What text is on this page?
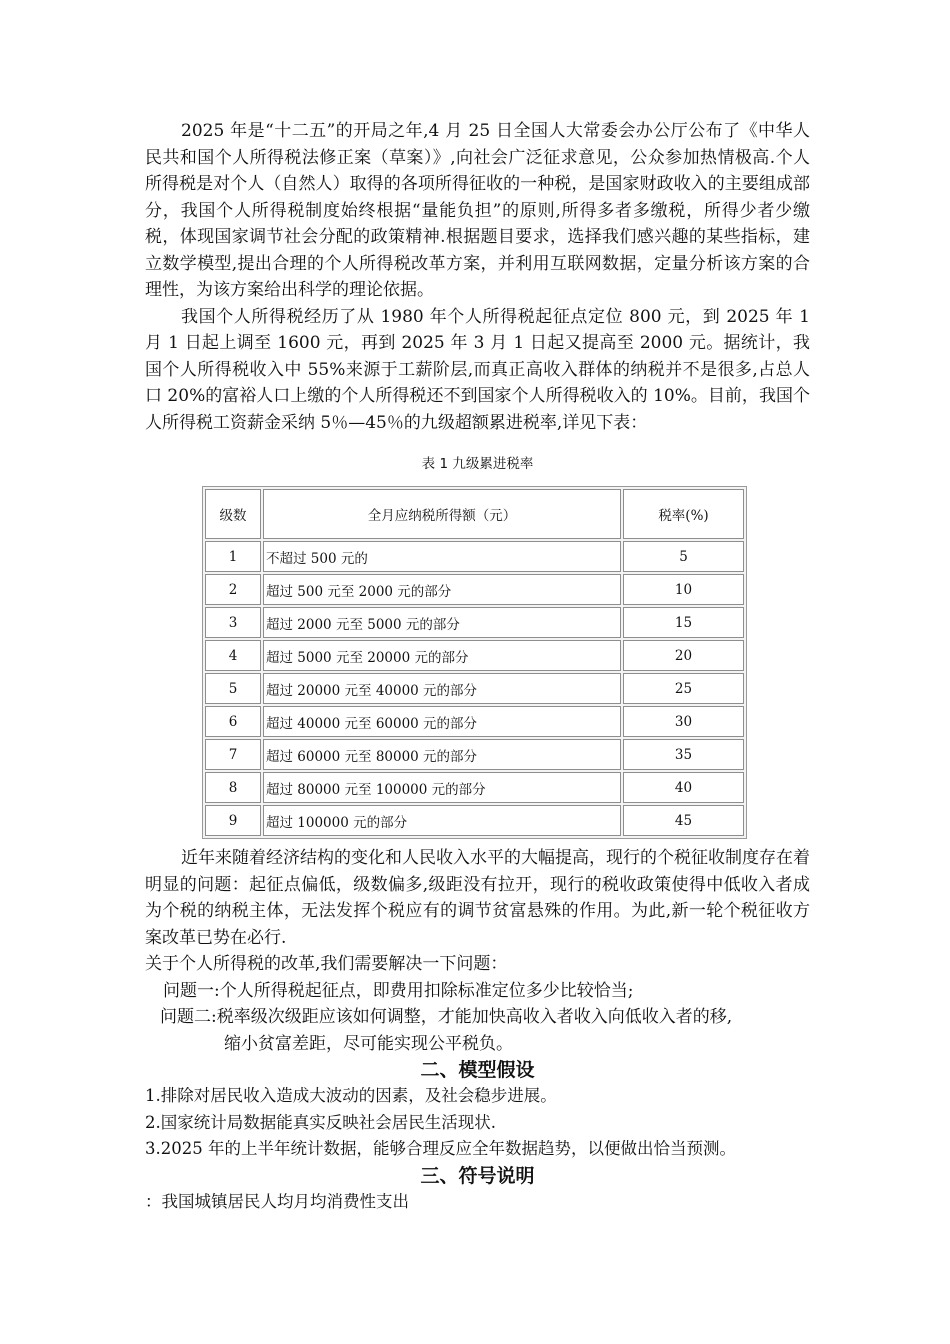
2025 年是“十二五”的开局之年,4 月 25 日全国人大常委会办公厅公布了《中华人民共和国个人所得税法修正案（草案）》,向社会广泛征求意见，公众参加热情极高.个人所得税是对个人（自然人）取得的各项所得征收的一种税，是国家财政收入的主要组成部分，我国个人所得税制度始终根据“量能负担”的原则,所得多者多缴税，所得少者少缴税，体现国家调节社会分配的政策精神.根据题目要求，选择我们感兴趣的某些指标，建立数学模型,提出合理的个人所得税改革方案，并利用互联网数据，定量分析该方案的合理性，为该方案给出科学的理论依据。

我国个人所得税经历了从 1980 年个人所得税起征点定位 800 元，到 2025 年 1 月 1 日起上调至 1600 元，再到 2025 年 3 月 1 日起又提高至 2000 元。据统计，我国个人所得税收入中 55%来源于工薪阶层,而真正高收入群体的纳税并不是很多,占总人口 20%的富裕人口上缴的个人所得税还不到国家个人所得税收入的 10%。目前，我国个人所得税工资薪金采纳 5％—45％的九级超额累进税率,详见下表：

表 1 九级累进税率
级数	全月应纳税所得额（元）	税率(%)
1	不超过 500 元的	5
2	超过 500 元至 2000 元的部分	10
3	超过 2000 元至 5000 元的部分	15
4	超过 5000 元至 20000 元的部分	20
5	超过 20000 元至 40000 元的部分	25
6	超过 40000 元至 60000 元的部分	30
7	超过 60000 元至 80000 元的部分	35
8	超过 80000 元至 100000 元的部分	40
9	超过 100000 元的部分	45

近年来随着经济结构的变化和人民收入水平的大幅提高，现行的个税征收制度存在着明显的问题：起征点偏低，级数偏多,级距没有拉开，现行的税收政策使得中低收入者成为个税的纳税主体，无法发挥个税应有的调节贫富悬殊的作用。为此,新一轮个税征收方案改革已势在必行.

关于个人所得税的改革,我们需要解决一下问题：

问题一:个人所得税起征点，即费用扣除标准定位多少比较恰当;

问题二:税率级次级距应该如何调整，才能加快高收入者收入向低收入者的移,

缩小贫富差距，尽可能实现公平税负。

二、模型假设

1.排除对居民收入造成大波动的因素，及社会稳步进展。

2.国家统计局数据能真实反映社会居民生活现状.

3.2025 年的上半年统计数据，能够合理反应全年数据趋势，以便做出恰当预测。

三、符号说明

：我国城镇居民人均月均消费性支出
